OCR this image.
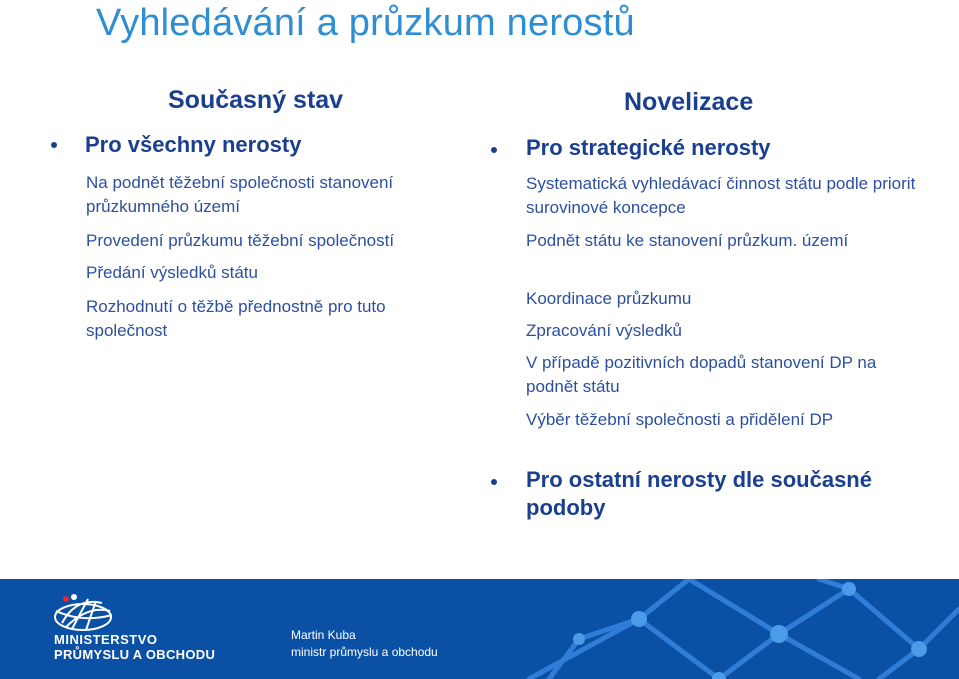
Vyhledávání a průzkum nerostů
Současný stav
Pro všechny nerosty
Na podnět těžební společnosti stanovení průzkumného území
Provedení průzkumu těžební společností
Předání výsledků státu
Rozhodnutí o těžbě přednostně pro tuto společnost
Novelizace
Pro strategické nerosty
Systematická vyhledávací činnost státu podle priorit surovinové koncepce
Podnět státu ke stanovení průzkum. území
Koordinace průzkumu
Zpracování výsledků
V případě pozitivních dopadů stanovení DP na podnět státu
Výběr těžební společnosti a přidělení DP
Pro ostatní nerosty dle současné podoby
MINISTERSTVO
PRŮMYSLU A OBCHODU
Martin Kuba
ministr průmyslu a obchodu
